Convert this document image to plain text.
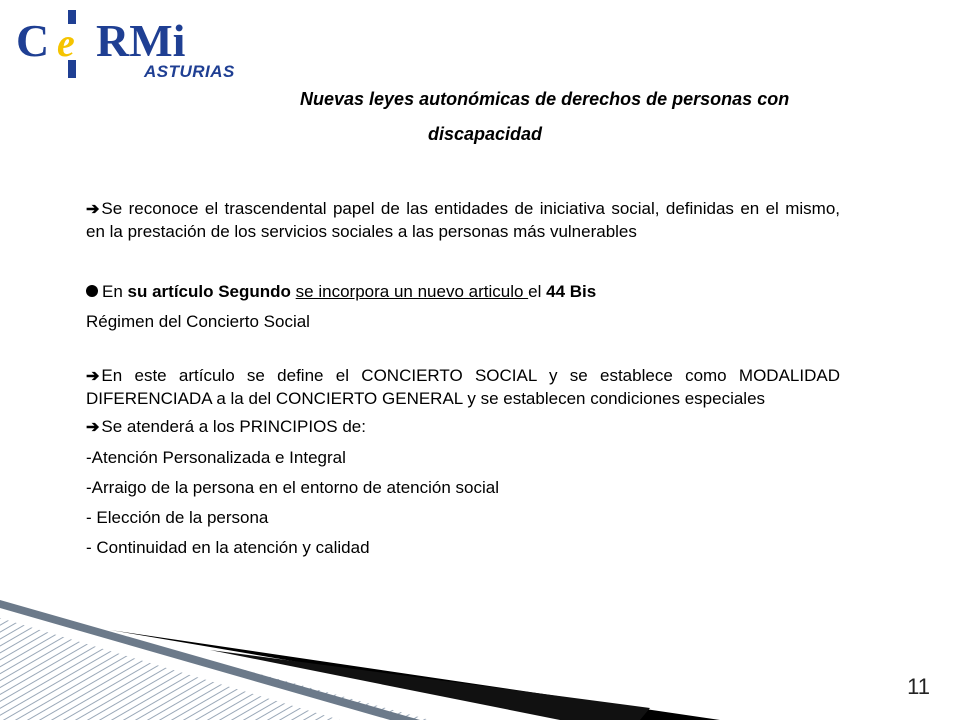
C e RMi
ASTURIAS
Nuevas leyes autonómicas de derechos de personas con
discapacidad
➔ Se reconoce el trascendental papel de las entidades de iniciativa social, definidas en el mismo, en la prestación de los servicios sociales a las personas más vulnerables
En su artículo Segundo se incorpora un nuevo articulo el 44 Bis
Régimen del Concierto Social
➔ En este artículo se define el CONCIERTO SOCIAL y se establece como MODALIDAD DIFERENCIADA a la del CONCIERTO GENERAL y se establecen condiciones especiales
➔ Se atenderá a los PRINCIPIOS de:
-Atención Personalizada e Integral
-Arraigo de la persona en el entorno de atención social
- Elección de la persona
- Continuidad en la atención y calidad
11
